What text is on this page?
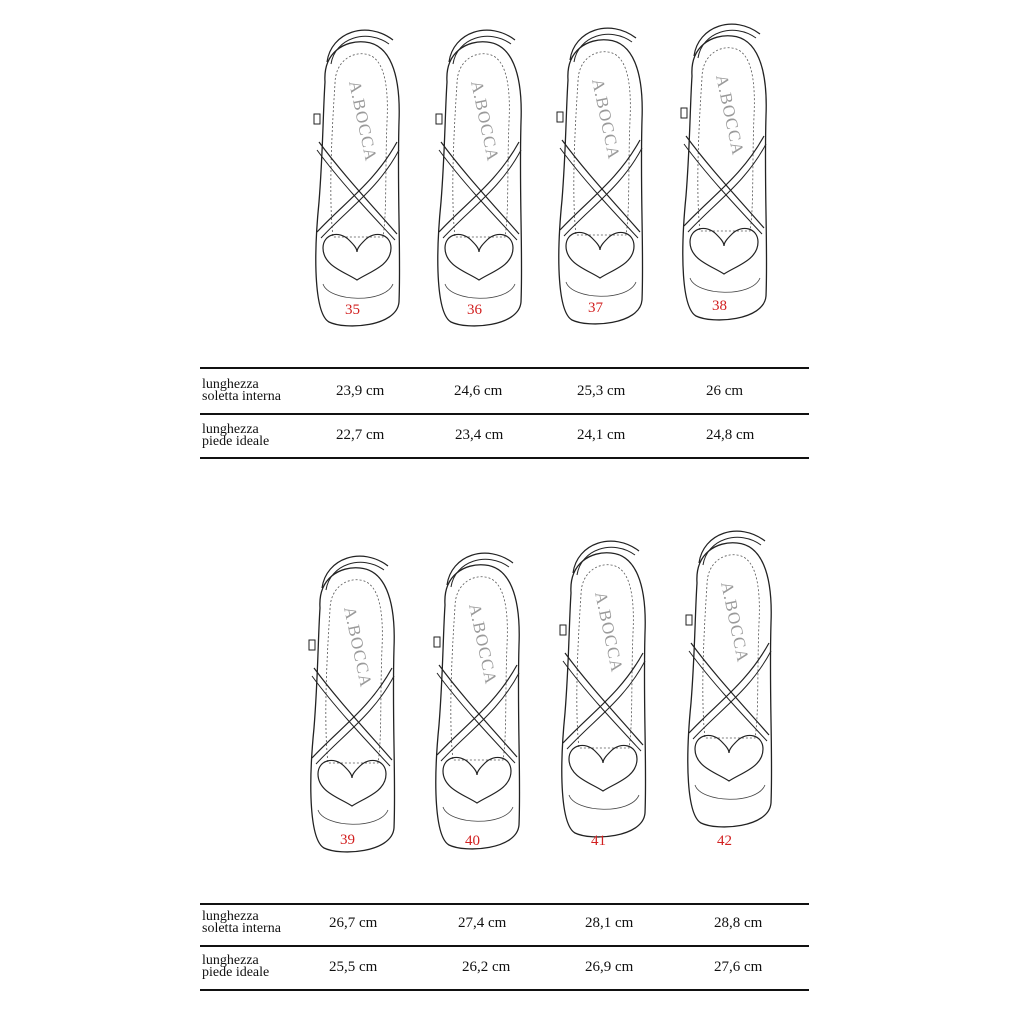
A.BOCCA
35
A.BOCCA
36
A.BOCCA
37
A.BOCCA
38
lunghezza
soletta interna	23,9 cm	24,6 cm	25,3 cm	26 cm
lunghezza
piede ideale	22,7 cm	23,4 cm	24,1 cm	24,8 cm
A.BOCCA
39
A.BOCCA
40
A.BOCCA
41
A.BOCCA
42
lunghezza
soletta interna	26,7 cm	27,4 cm	28,1 cm	28,8 cm
lunghezza
piede ideale	25,5 cm	26,2 cm	26,9 cm	27,6 cm
